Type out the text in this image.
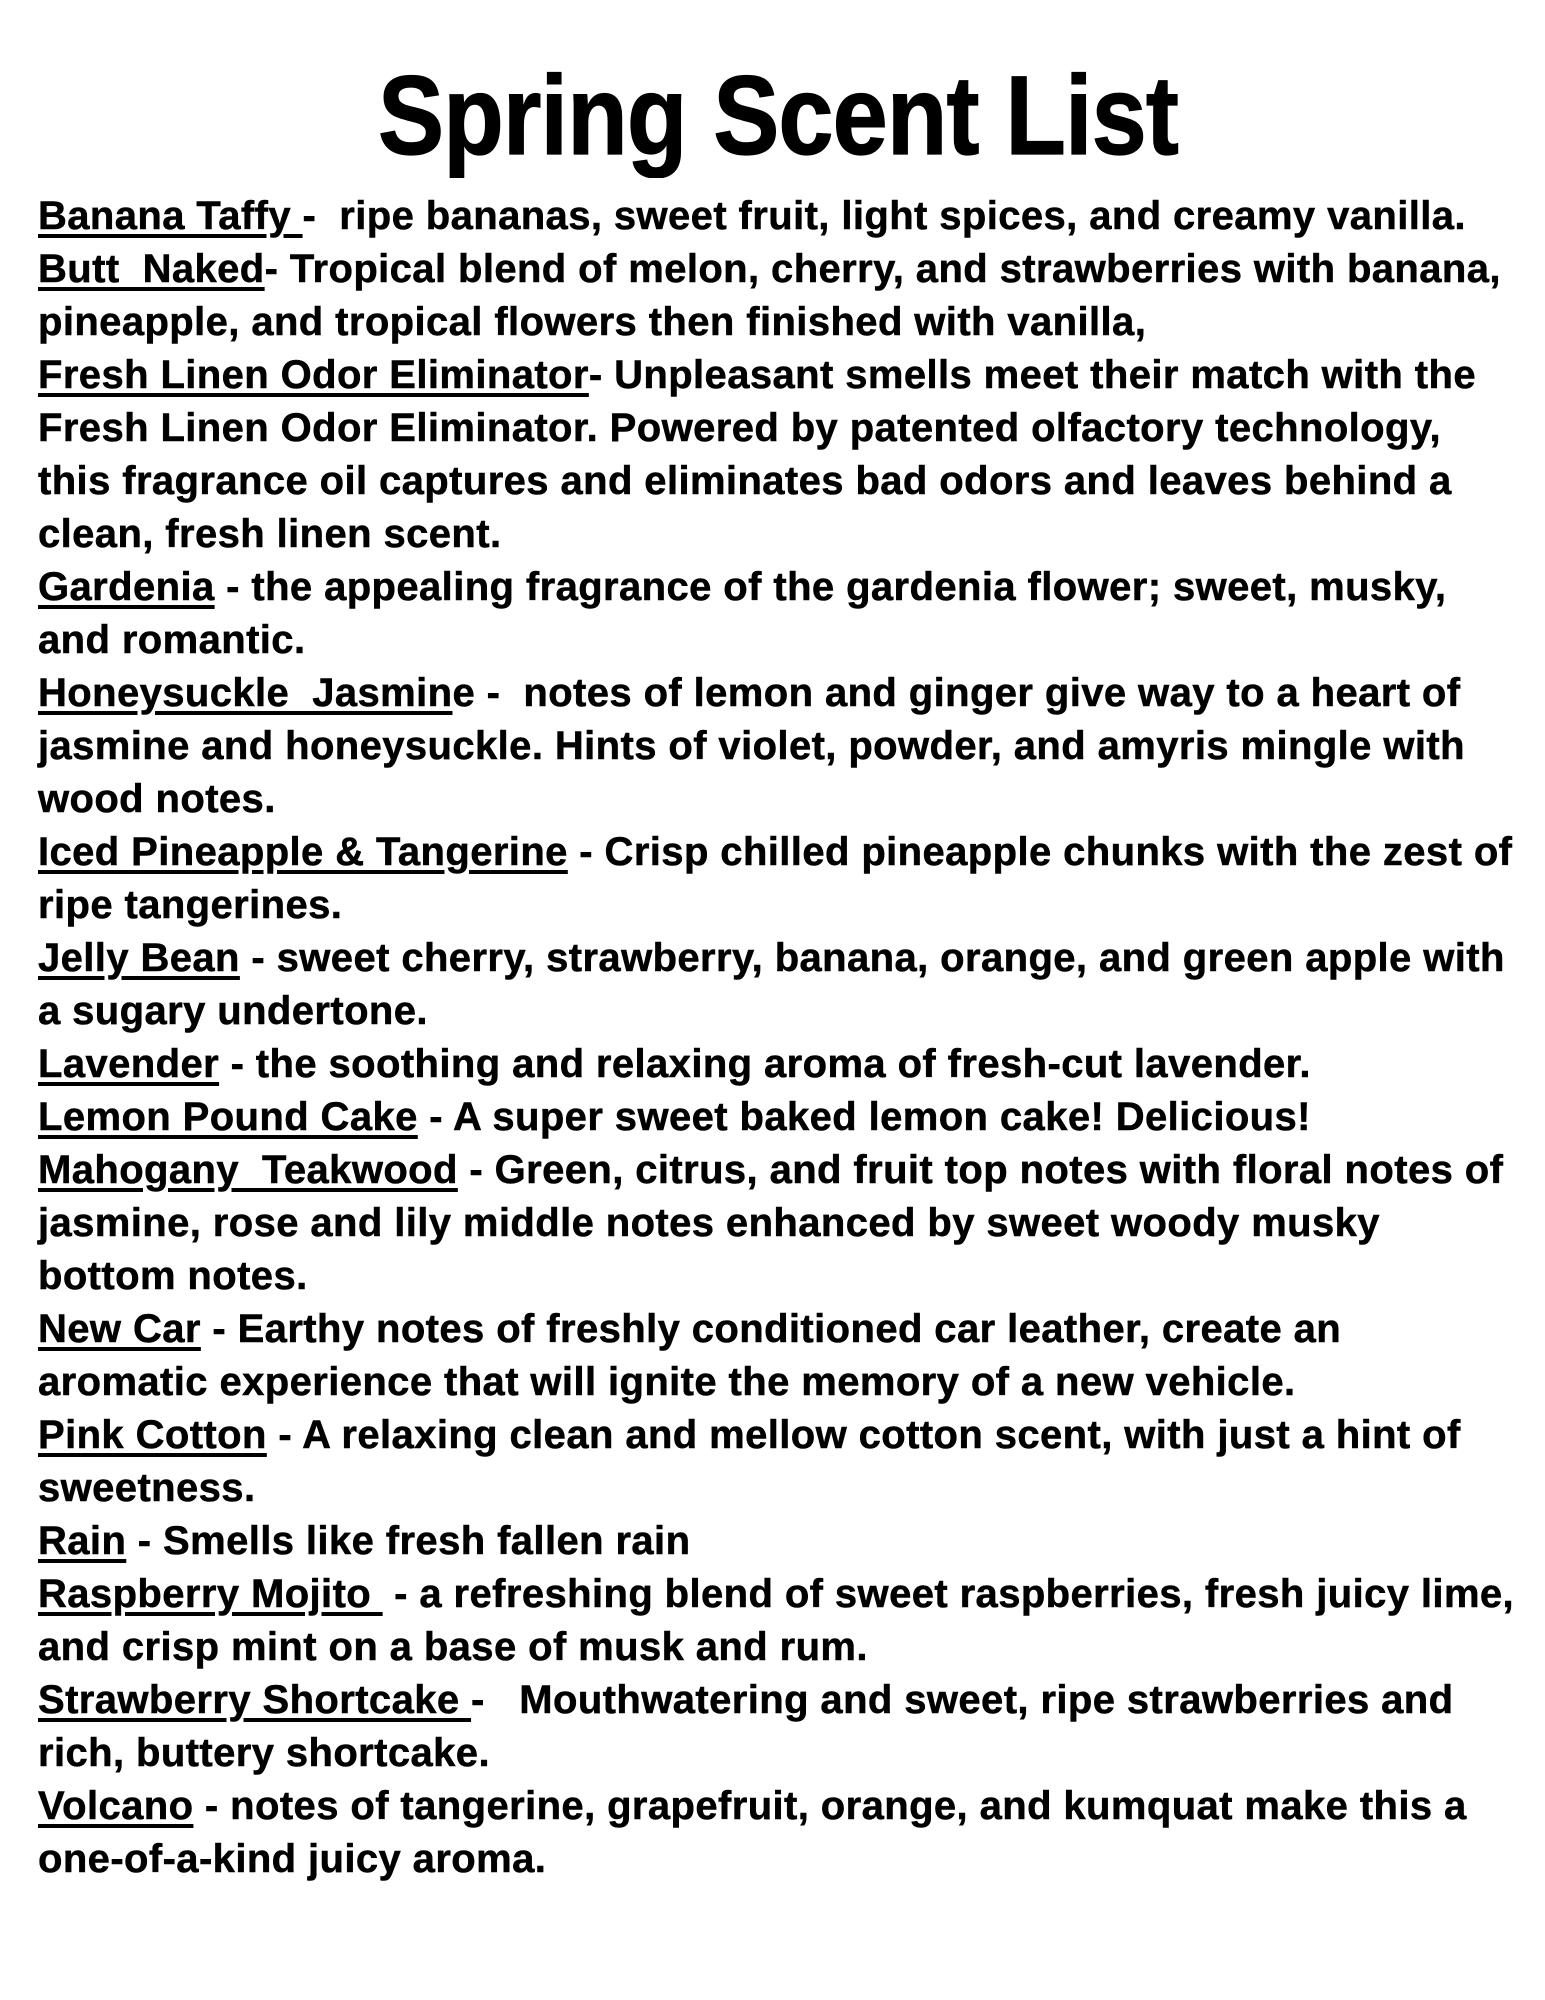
Spring Scent List

Banana Taffy -  ripe bananas, sweet fruit, light spices, and creamy vanilla.

Butt  Naked- Tropical blend of melon, cherry, and strawberries with banana, pineapple, and tropical flowers then finished with vanilla,

Fresh Linen Odor Eliminator- Unpleasant smells meet their match with the Fresh Linen Odor Eliminator. Powered by patented olfactory technology, this fragrance oil captures and eliminates bad odors and leaves behind a clean, fresh linen scent.

Gardenia - the appealing fragrance of the gardenia flower; sweet, musky, and romantic.

Honeysuckle  Jasmine -  notes of lemon and ginger give way to a heart of jasmine and honeysuckle. Hints of violet, powder, and amyris mingle with wood notes.

Iced Pineapple & Tangerine - Crisp chilled pineapple chunks with the zest of ripe tangerines.

Jelly Bean - sweet cherry, strawberry, banana, orange, and green apple with a sugary undertone.

Lavender - the soothing and relaxing aroma of fresh-cut lavender.

Lemon Pound Cake - A super sweet baked lemon cake! Delicious!

Mahogany  Teakwood - Green, citrus, and fruit top notes with floral notes of jasmine, rose and lily middle notes enhanced by sweet woody musky bottom notes.

New Car - Earthy notes of freshly conditioned car leather, create an aromatic experience that will ignite the memory of a new vehicle.

Pink Cotton - A relaxing clean and mellow cotton scent, with just a hint of sweetness.

Rain - Smells like fresh fallen rain

Raspberry Mojito  - a refreshing blend of sweet raspberries, fresh juicy lime, and crisp mint on a base of musk and rum.

Strawberry Shortcake -   Mouthwatering and sweet, ripe strawberries and rich, buttery shortcake.

Volcano - notes of tangerine, grapefruit, orange, and kumquat make this a one-of-a-kind juicy aroma.
